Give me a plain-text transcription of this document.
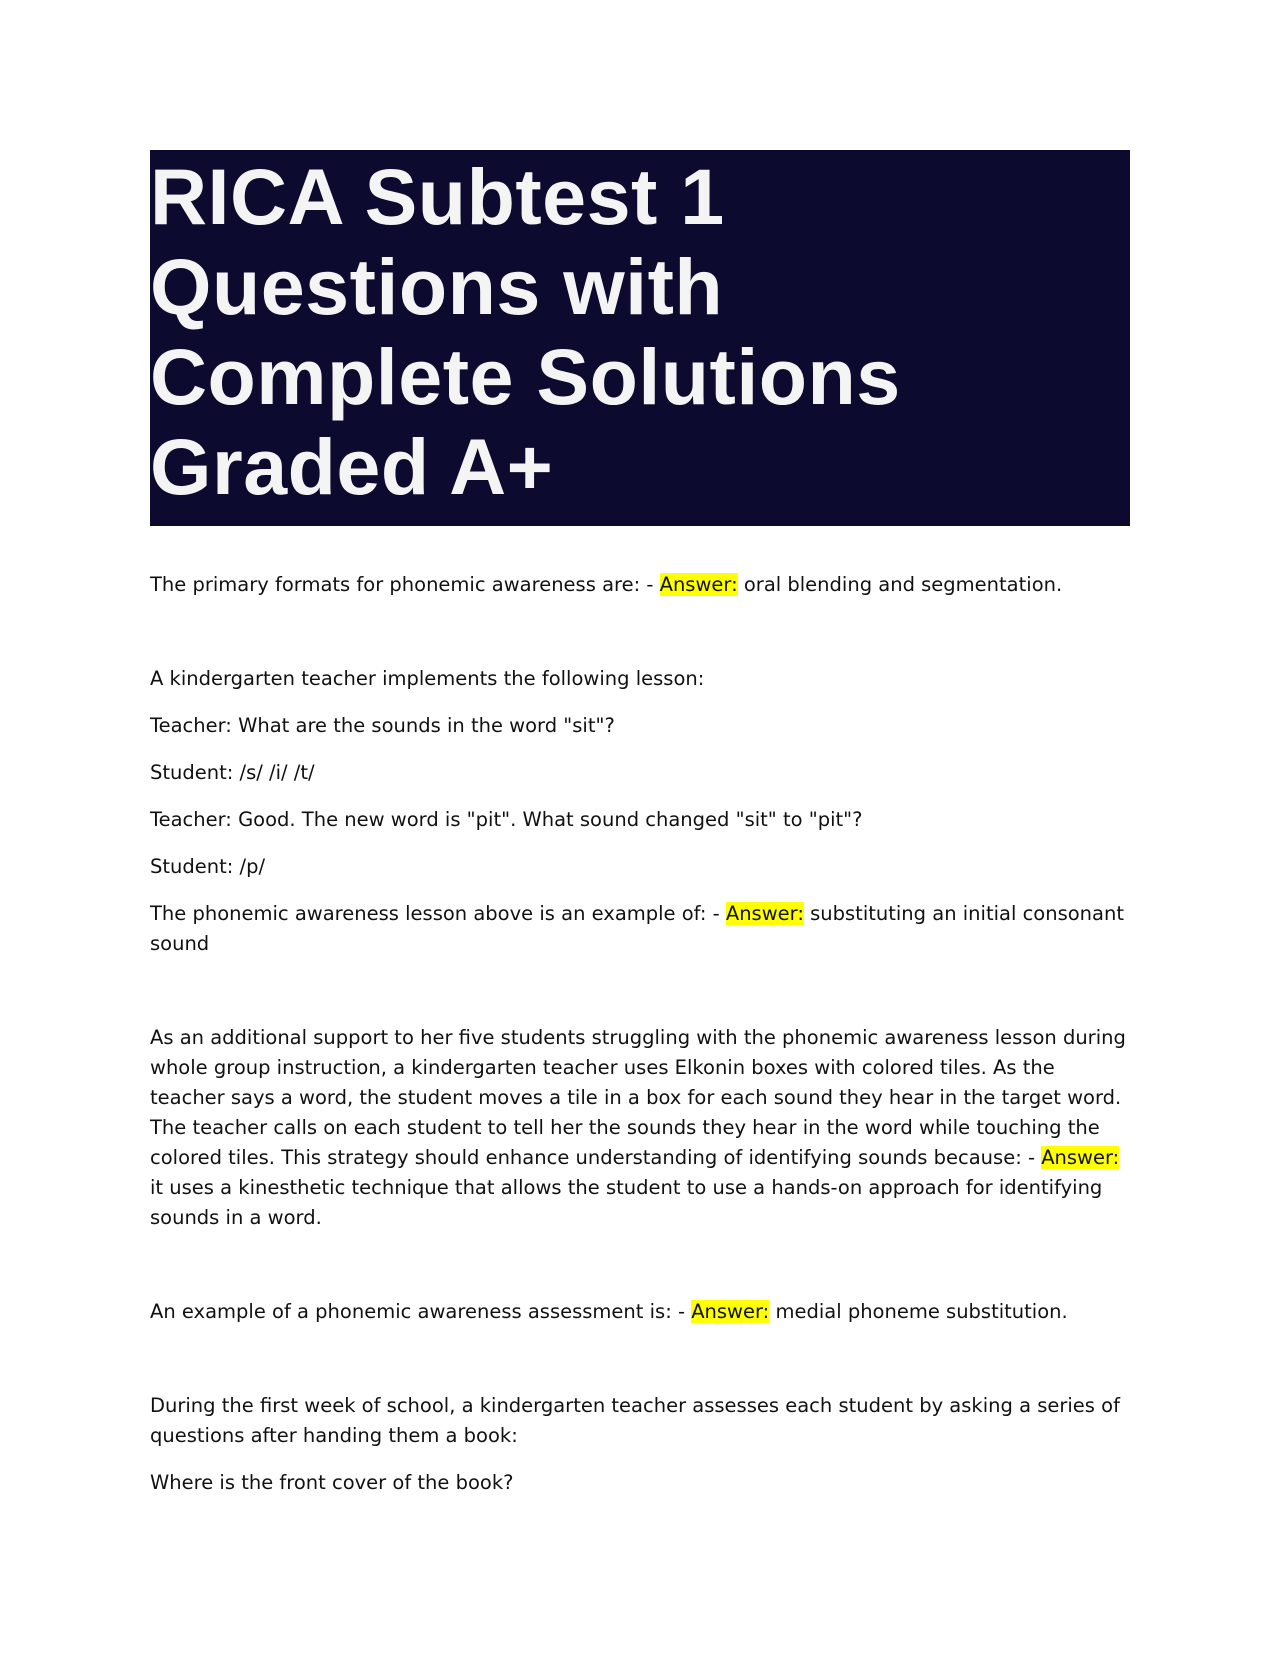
RICA Subtest 1
Questions with
Complete Solutions
Graded A+

The primary formats for phonemic awareness are: - Answer: oral blending and segmentation.

A kindergarten teacher implements the following lesson:

Teacher: What are the sounds in the word "sit"?

Student: /s/ /i/ /t/

Teacher: Good. The new word is "pit". What sound changed "sit" to "pit"?

Student: /p/

The phonemic awareness lesson above is an example of: - Answer: substituting an initial consonant sound

As an additional support to her five students struggling with the phonemic awareness lesson during whole group instruction, a kindergarten teacher uses Elkonin boxes with colored tiles. As the teacher says a word, the student moves a tile in a box for each sound they hear in the target word. The teacher calls on each student to tell her the sounds they hear in the word while touching the colored tiles. This strategy should enhance understanding of identifying sounds because: - Answer: it uses a kinesthetic technique that allows the student to use a hands-on approach for identifying sounds in a word.

An example of a phonemic awareness assessment is: - Answer: medial phoneme substitution.

During the first week of school, a kindergarten teacher assesses each student by asking a series of questions after handing them a book:

Where is the front cover of the book?
